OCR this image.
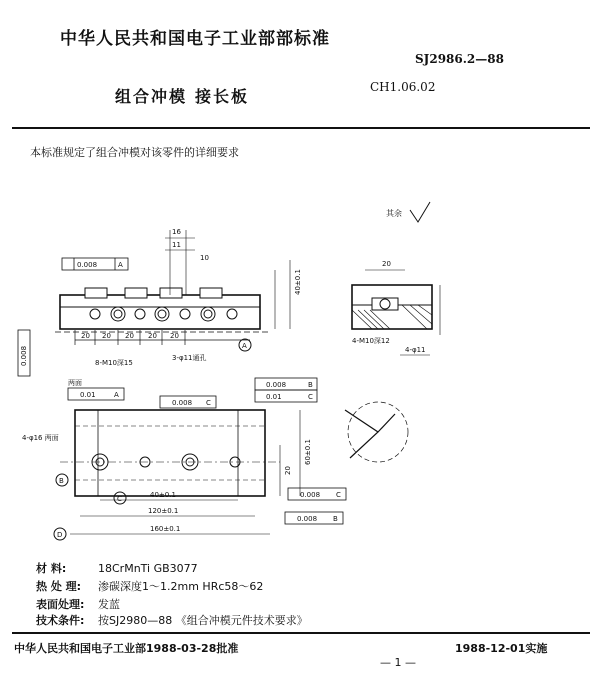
中华人民共和国电子工业部部标准
SJ2986.2—88
CH1.06.02
组合冲模 接长板
本标准规定了组合冲模对该零件的详细要求
其余
16
11
10
0.008	A
20 20 20 20 20
40±0.1
8-M10深15
3-φ11通孔
A
0.008
20
4-M10深12
4-φ11
0.008	B
0.01	C
两面
0.01	A
0.008 C
4-φ16 两面
60±0.1
20
B
C
D
40±0.1
120±0.1
160±0.1
0.008 C
0.008 B
材 料:	18CrMnTi GB3077
热 处 理: 渗碳深度1～1.2mm HRc58～62
表面处理: 发蓝
技术条件: 按SJ2980—88 《组合冲模元件技术要求》
中华人民共和国电子工业部1988-03-28批准	1988-12-01实施
— 1 —
